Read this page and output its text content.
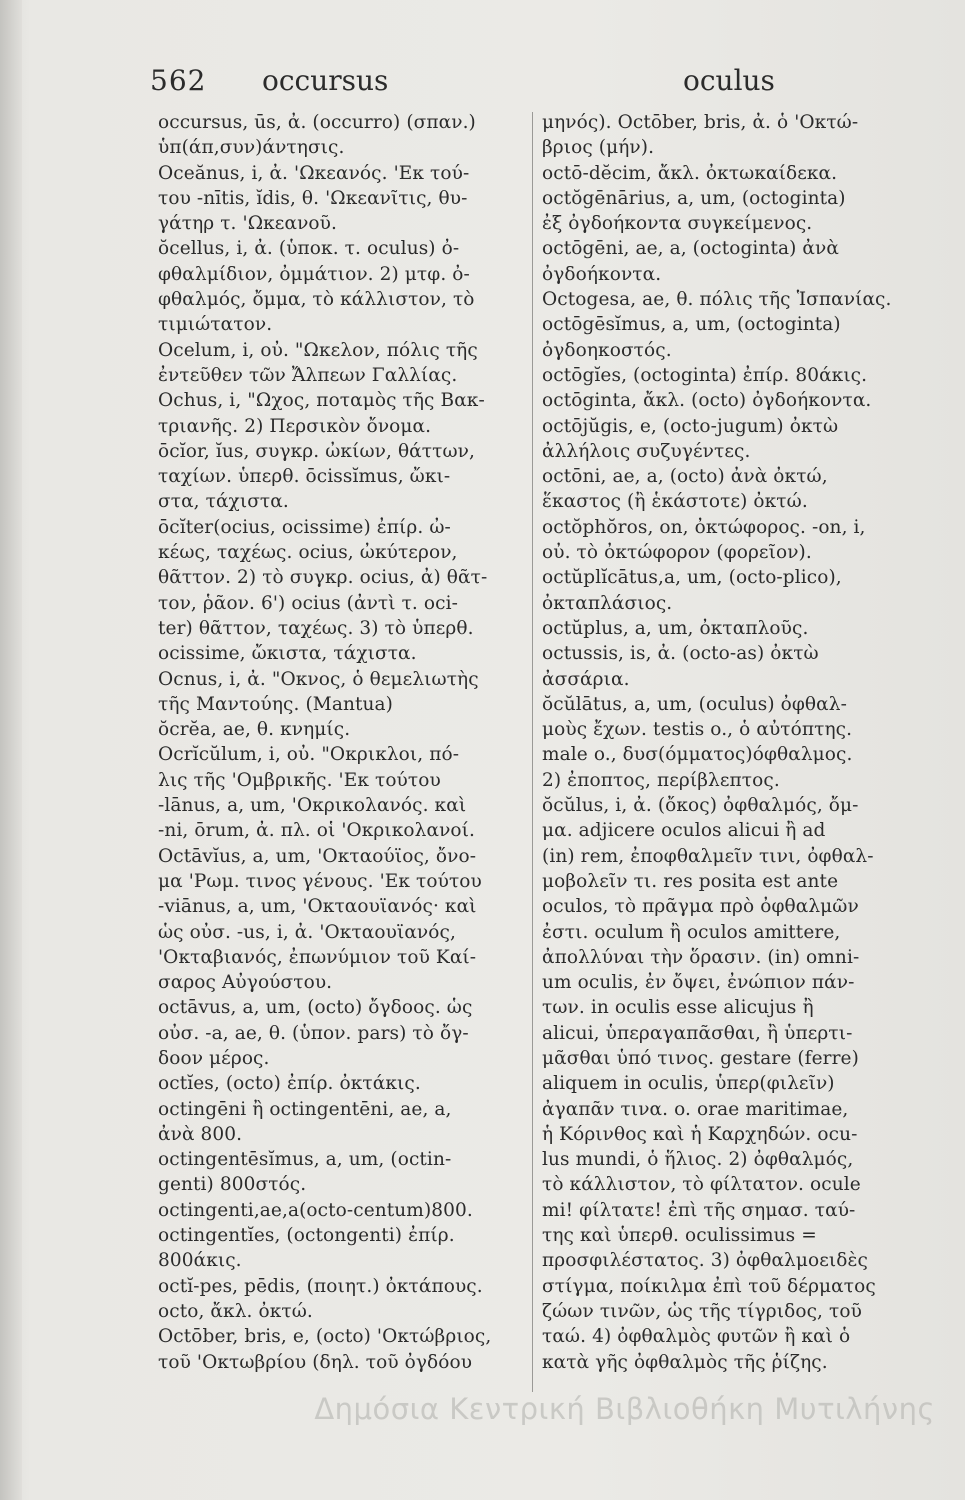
562 occursus	oculus
occursus, ūs, ἀ. (occurro) (σπαν.)
ὑπ(άπ,συν)άντησις.
Oceănus, i, ἀ. 'Ωκεανός. 'Εκ τού-
του -nītis, ĭdis, θ. 'Ωκεανῖτις, θυ-
γάτηρ τ. 'Ωκεανοῦ.
ŏcellus, i, ἀ. (ὑποκ. τ. oculus) ὀ-
φθαλμίδιον, ὀμμάτιον. 2) μτφ. ὀ-
φθαλμός, ὄμμα, τὸ κάλλιστον, τὸ
τιμιώτατον.
Ocelum, i, οὐ. "Ωκελον, πόλις τῆς
ἐντεῦθεν τῶν Ἄλπεων Γαλλίας.
Ochus, i, "Ωχος, ποταμὸς τῆς Βακ-
τριανῆς. 2) Περσικὸν ὄνομα.
ōcĭor, ĭus, συγκρ. ὠκίων, θάττων,
ταχίων. ὑπερθ. ōcissĭmus, ὤκι-
στα, τάχιστα.
ōcĭter(ocius, ocissime) ἐπίρ. ὠ-
κέως, ταχέως. ocius, ὠκύτερον,
θᾶττον. 2) τὸ συγκρ. ocius, ἀ) θᾶτ-
τον, ῥᾶον. 6') ocius (ἀντὶ τ. oci-
ter) θᾶττον, ταχέως. 3) τὸ ὑπερθ.
ocissime, ὤκιστα, τάχιστα.
Ocnus, i, ἀ. "Οκνος, ὁ θεμελιωτὴς
τῆς Μαντούης. (Mantua)
ŏcrĕa, ae, θ. κνημίς.
Ocrĭcŭlum, i, οὐ. "Οκρικλοι, πό-
λις τῆς 'Ομβρικῆς. 'Εκ τούτου
-lānus, a, um, 'Οκρικολανός. καὶ
-ni, ōrum, ἀ. πλ. οἱ 'Οκρικολανοί.
Octāvĭus, a, um, 'Οκταούϊος, ὄνο-
μα 'Ρωμ. τινος γένους. 'Εκ τούτου
-viānus, a, um, 'Οκταουϊανός· καὶ
ὡς οὐσ. -us, i, ἀ. 'Οκταουϊανός,
'Οκταβιανός, ἐπωνύμιον τοῦ Καί-
σαρος Αὐγούστου.
octāvus, a, um, (octo) ὄγδοος. ὡς
οὐσ. -a, ae, θ. (ὑπον. pars) τὸ ὄγ-
δοον μέρος.
octĭes, (octo) ἐπίρ. ὀκτάκις.
octingēni ἢ octingentēni, ae, a,
ἀνὰ 800.
octingentēsĭmus, a, um, (octin-
genti) 800στός.
octingenti,ae,a(octo-centum)800.
octingentĭes, (octongenti) ἐπίρ.
800άκις.
octĭ-pes, pēdis, (ποιητ.) ὀκτάπους.
octo, ἄκλ. ὀκτώ.
Octōber, bris, e, (octo) 'Οκτώβριος,
τοῦ 'Οκτωβρίου (δηλ. τοῦ ὀγδόου
μηνός). Octōber, bris, ἀ. ὁ 'Οκτώ-
βριος (μήν).
octō-dĕcim, ἄκλ. ὀκτωκαίδεκα.
octŏgēnārius, a, um, (octoginta)
ἐξ ὀγδοήκοντα συγκείμενος.
octōgēni, ae, a, (octoginta) ἀνὰ
ὀγδοήκοντα.
Octogesa, ae, θ. πόλις τῆς Ἱσπανίας.
octōgēsĭmus, a, um, (octoginta)
ὀγδοηκοστός.
octōgĭes, (octoginta) ἐπίρ. 80άκις.
octōginta, ἄκλ. (octo) ὀγδοήκοντα.
octōjŭgis, e, (octo-jugum) ὀκτὼ
ἀλλήλοις συζυγέντες.
octōni, ae, a, (octo) ἀνὰ ὀκτώ,
ἕκαστος (ἢ ἑκάστοτε) ὀκτώ.
octŏphŏros, on, ὀκτώφορος. -on, i,
οὐ. τὸ ὀκτώφορον (φορεῖον).
octŭplĭcātus,a, um, (octo-plico),
ὀκταπλάσιος.
octŭplus, a, um, ὀκταπλοῦς.
octussis, is, ἀ. (octo-as) ὀκτὼ
ἀσσάρια.
ŏcŭlātus, a, um, (oculus) ὀφθαλ-
μοὺς ἔχων. testis o., ὁ αὐτόπτης.
male o., δυσ(όμματος)όφθαλμος.
2) ἐποπτος, περίβλεπτος.
ŏcŭlus, i, ἀ. (ὄκος) ὀφθαλμός, ὄμ-
μα. adjicere oculos alicui ἢ ad
(in) rem, ἐποφθαλμεῖν τινι, ὀφθαλ-
μοβολεῖν τι. res posita est ante
oculos, τὸ πρᾶγμα πρὸ ὀφθαλμῶν
ἐστι. oculum ἢ oculos amittere,
ἀπολλύναι τὴν ὅρασιν. (in) omni-
um oculis, ἐν ὄψει, ἐνώπιον πάν-
των. in oculis esse alicujus ἢ
alicui, ὑπεραγαπᾶσθαι, ἢ ὑπερτι-
μᾶσθαι ὑπό τινος. gestare (ferre)
aliquem in oculis, ὑπερ(φιλεῖν)
ἀγαπᾶν τινα. o. orae maritimae,
ἡ Κόρινθος καὶ ἡ Καρχηδών. ocu-
lus mundi, ὁ ἥλιος. 2) ὀφθαλμός,
τὸ κάλλιστον, τὸ φίλτατον. ocule
mi! φίλτατε! ἐπὶ τῆς σημασ. ταύ-
της καὶ ὑπερθ. oculissimus =
προσφιλέστατος. 3) ὀφθαλμοειδὲς
στίγμα, ποίκιλμα ἐπὶ τοῦ δέρματος
ζώων τινῶν, ὡς τῆς τίγριδος, τοῦ
ταώ. 4) ὀφθαλμὸς φυτῶν ἢ καὶ ὁ
κατὰ γῆς ὀφθαλμὸς τῆς ῥίζης.
Δημόσια Κεντρική Βιβλιοθήκη Μυτιλήνης
